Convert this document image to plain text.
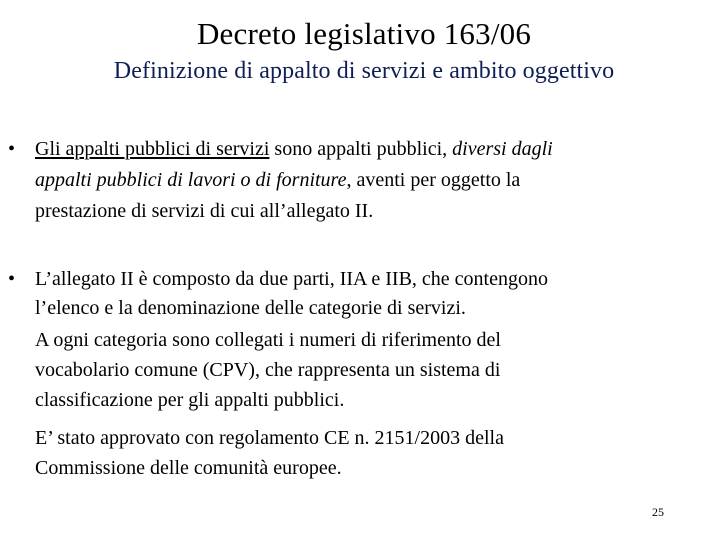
Decreto legislativo 163/06
Definizione di appalto di servizi e ambito oggettivo
• Gli appalti pubblici di servizi sono appalti pubblici, diversi dagli
appalti pubblici di lavori o di forniture, aventi per oggetto la
prestazione di servizi di cui all’allegato II.
• L’allegato II è composto da due parti, IIA e IIB, che contengono
l’elenco e la denominazione delle categorie di servizi.
A ogni categoria sono collegati i numeri di riferimento del
vocabolario comune (CPV), che rappresenta un sistema di
classificazione per gli appalti pubblici.
E’ stato approvato con regolamento CE n. 2151/2003 della
Commissione delle comunità europee.
25
